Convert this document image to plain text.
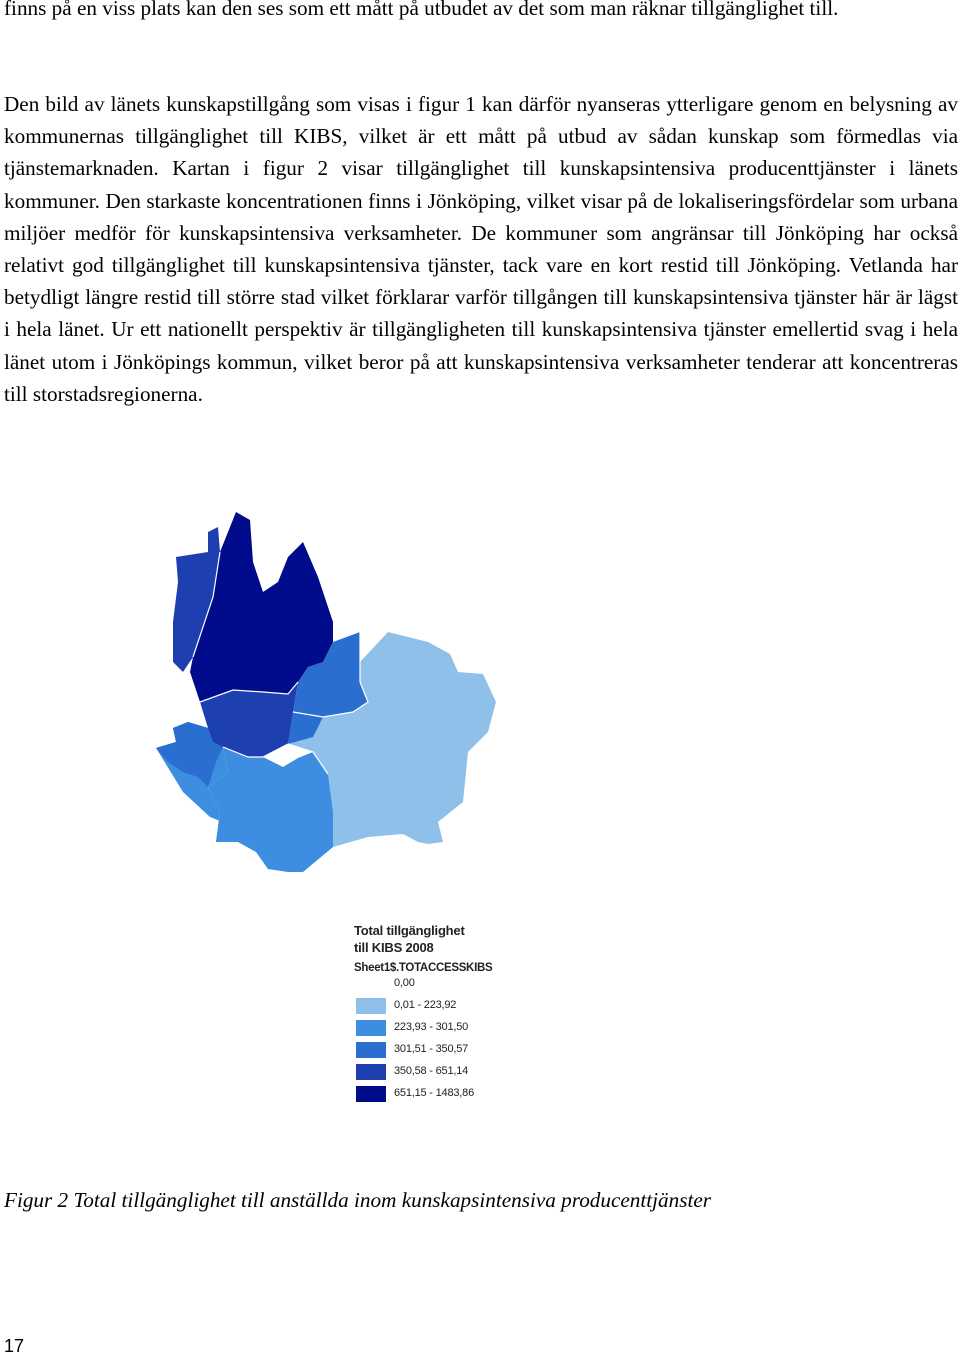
finns på en viss plats kan den ses som ett mått på utbudet av det som man räknar tillgänglighet till.

Den bild av länets kunskapstillgång som visas i figur 1 kan därför nyanseras ytterligare genom en belysning av kommunernas tillgänglighet till KIBS, vilket är ett mått på utbud av sådan kunskap som förmedlas via tjänstemarknaden. Kartan i figur 2 visar tillgänglighet till kunskapsintensiva producenttjänster i länets kommuner. Den starkaste koncentrationen finns i Jönköping, vilket visar på de lokaliseringsfördelar som urbana miljöer medför för kunskapsintensiva verksamheter. De kommuner som angränsar till Jönköping har också relativt god tillgänglighet till kunskapsintensiva tjänster, tack vare en kort restid till Jönköping. Vetlanda har betydligt längre restid till större stad vilket förklarar varför tillgången till kunskapsintensiva tjänster här är lägst i hela länet. Ur ett nationellt perspektiv är tillgängligheten till kunskapsintensiva tjänster emellertid svag i hela länet utom i Jönköpings kommun, vilket beror på att kunskapsintensiva verksamheter tenderar att koncentreras till storstadsregionerna.

Total tillgänglighet
till KIBS 2008
Sheet1$.TOTACCESSKIBS
0,00
0,01 - 223,92
223,93 - 301,50
301,51 - 350,57
350,58 - 651,14
651,15 - 1483,86

Figur 2 Total tillgänglighet till anställda inom kunskapsintensiva producenttjänster

17
